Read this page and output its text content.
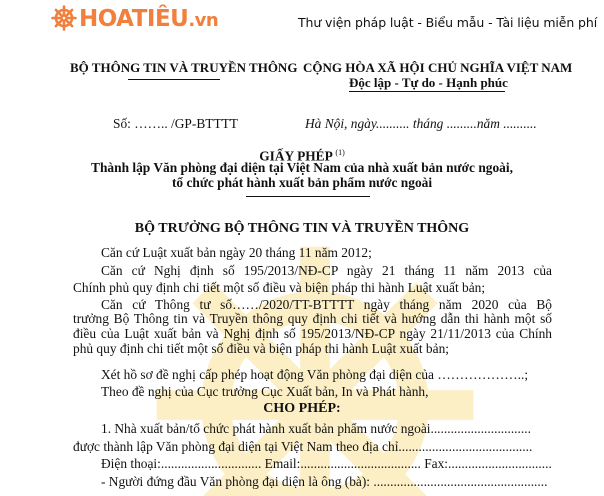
HOATIÊU.vn	Thư viện pháp luật - Biểu mẫu - Tài liệu miễn phí
BỘ THÔNG TIN VÀ TRUYỀN THÔNG CỘNG HÒA XÃ HỘI CHỦ NGHĨA VIỆT NAM
Độc lập - Tự do - Hạnh phúc
Số: …….. /GP-BTTTT	Hà Nội, ngày.......... tháng .........năm ..........
GIẤY PHÉP $^{(1)}$
Thành lập Văn phòng đại diện tại Việt Nam của nhà xuất bản nước ngoài,
tổ chức phát hành xuất bản phẩm nước ngoài
BỘ TRƯỞNG BỘ THÔNG TIN VÀ TRUYỀN THÔNG
Căn cứ Luật xuất bản ngày 20 tháng 11 năm 2012;
Căn cứ Nghị định số 195/2013/NĐ-CP ngày 21 tháng 11 năm 2013 của
Chính phủ quy định chi tiết một số điều và biện pháp thi hành Luật xuất bản;
Căn cứ Thông tư số……/2020/TT-BTTTT ngày tháng năm 2020 của Bộ
trưởng Bộ Thông tin và Truyền thông quy định chi tiết và hướng dẫn thi hành một số
điều của Luật xuất bản và Nghị định số 195/2013/NĐ-CP ngày 21/11/2013 của Chính
phủ quy định chi tiết một số điều và biện pháp thi hành Luật xuất bản;
Xét hồ sơ đề nghị cấp phép hoạt động Văn phòng đại diện của ………………..;
Theo đề nghị của Cục trưởng Cục Xuất bản, In và Phát hành,
CHO PHÉP:
1. Nhà xuất bản/tổ chức phát hành xuất bản phẩm nước ngoài..............................
được thành lập Văn phòng đại diện tại Việt Nam theo địa chỉ........................................
Điện thoại:.............................. Email:.................................... Fax:...............................
- Người đứng đầu Văn phòng đại diện là ông (bà): ....................................................
